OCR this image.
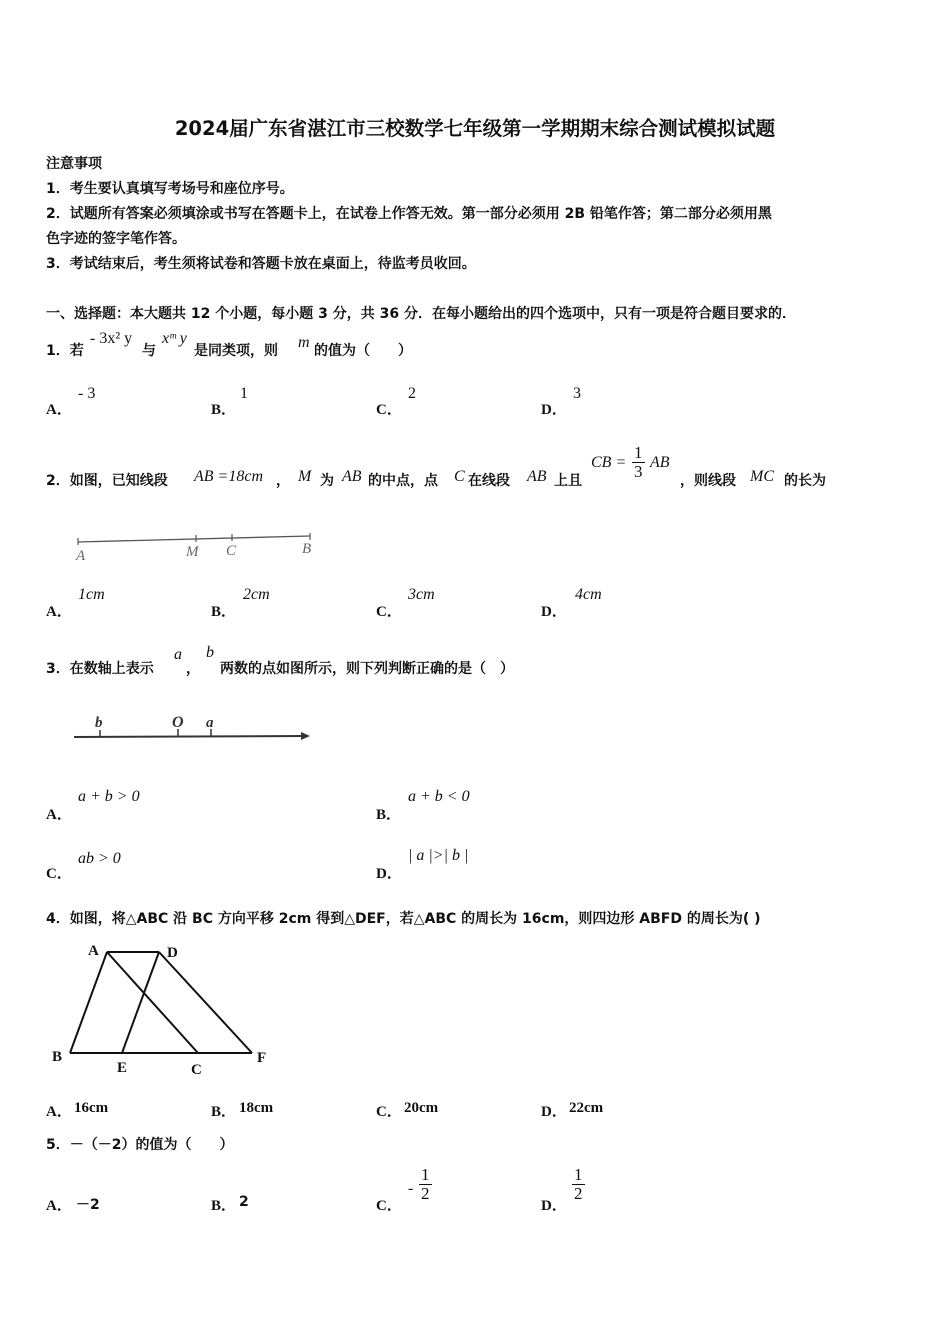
2024届广东省湛江市三校数学七年级第一学期期末综合测试模拟试题
注意事项
1．考生要认真填写考场号和座位序号。
2．试题所有答案必须填涂或书写在答题卡上，在试卷上作答无效。第一部分必须用 2B 铅笔作答；第二部分必须用黑
色字迹的签字笔作答。
3．考试结束后，考生须将试卷和答题卡放在桌面上，待监考员收回。
一、选择题：本大题共 12 个小题，每小题 3 分，共 36 分．在每小题给出的四个选项中，只有一项是符合题目要求的．
1．若
- 3x² y
与
xᵐ y
是同类项，则 m 的值为（　　）
A．
- 3
B．
1
C．
2
D．
3
2．如图，已知线段 AB =18cm ， M 为 AB 的中点，点 C 在线段 AB 上且
CB = $\frac{1}{3}$ AB
，则线段 MC 的长为
A	M C	B
A．
1cm
B．
2cm
C．
3cm
D．
4cm
3．在数轴上表示
a
，
b
两数的点如图所示，则下列判断正确的是（　）
b	O a
A．
a + b > 0
B．
a + b < 0
C．
ab > 0
D．
| a |>| b |
4．如图，将△ABC 沿 BC 方向平移 2cm 得到△DEF，若△ABC 的周长为 16cm，则四边形 ABFD 的周长为( )
A	D
B
E	C
F
A． 16cm	B． 18cm	C． 20cm	D． 22cm
5．－（－2）的值为（　　）
A． －2	B． 2	C．
- $\frac{1}{2}$
D．
$\frac{1}{2}$
